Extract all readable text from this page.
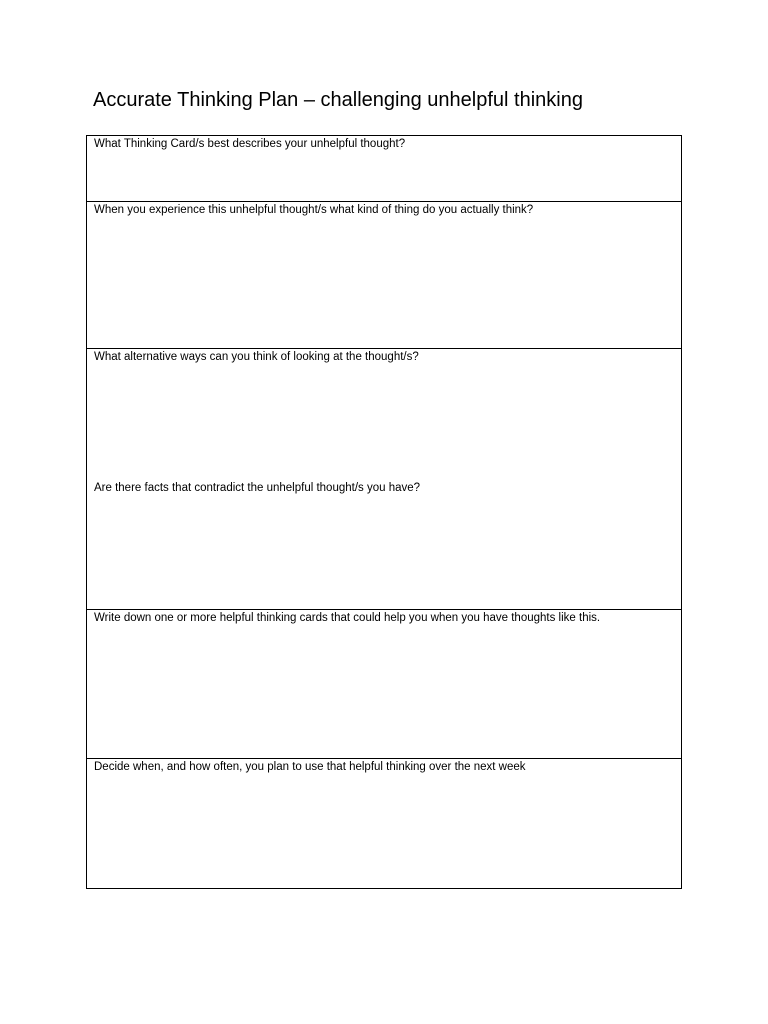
Accurate Thinking Plan – challenging unhelpful thinking
What Thinking Card/s best describes your unhelpful thought?
When you experience this unhelpful thought/s what kind of thing do you actually think?
What alternative ways can you think of looking at the thought/s?
Are there facts that contradict the unhelpful thought/s you have?
Write down one or more helpful thinking cards that could help you when you have thoughts like this.
Decide when, and how often, you plan to use that helpful thinking over the next week
